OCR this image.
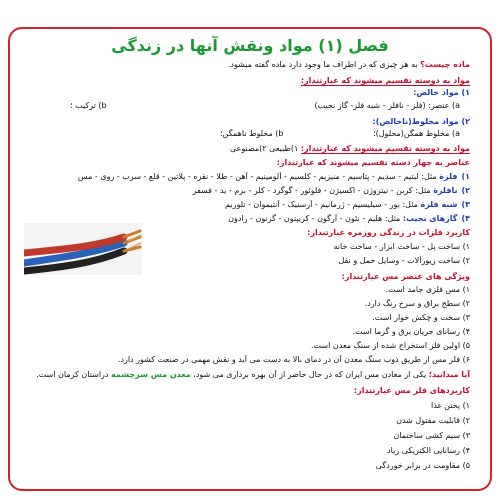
فصل (۱) مواد ونقش آنها در زندگی
ماده چیست؟ به هر چیزی که در اطراف ما وجود دارد ماده گفته میشود.
مواد به دوسته تقسیم میشوند که عبارتنداز:
۱) مواد خالص:
a) عنصر: (فلز - نافلز - شبه فلز- گاز نجیب)
b) ترکیب ؛
۲) مواد مخلوط(ناخالص):
a) مخلوط همگن(محلول)؛
b) مخلوط ناهمگن؛
مواد به دوسته تقسیم میشوند که عبارتنداز: ۱)طبیعی ۲)مصنوعی
عناصر به چهار دسته تقسیم میشوند که عبارتنداز:
۱)فلزة مثل: لیتیم - سدیم - پتاسیم - منیزیم - کلسیم - آلومینیم - آهن - طلا - نقره - پلاتین - قلع - سرب - روی - مس
۲)نافلزة مثل: کربن - نیتروژن - اکسیژن - فلوئور - گوگرد - کلر - برم - ید - فسفر
۳)شبه فلزة مثل: بور - سیلیسیم - ژرمانیم - آرسنیک - آنتیموان - تلوریم
۴)گازهای نجیب: مثل: هلیم - نئون - آرگون - کریپتون - گزنون - رادون
کاربرد فلزات در زندگی روزمره عبارتنداز:
۱) ساخت پل - ساخت ابزار - ساخت خانه
۲) ساخت زیورآلات - وسایل حمل و نقل
ویژگی های عنصر مس عبارتنداز:
۱) مس فلزی جامد است.
۲) سطح براق و سرخ رنگ دارد.
۳) سخت و چکش خوار است.
۴) رسانای جریان برق و گرما است.
۵) اولین فلز استخراج شده از سنگ معدن است.
۶) فلز مس از طریق ذوب سنگ معدن آن در دمای بالا به دست می آید و نقش مهمی در صنعت کشور دارد.
آیا میدانید؛ یکی از معادن مس ایران که در حال حاضر از آن بهره برداری می شود، معدن مس سرچشمه دراستان کرمان است.
کاربردهای فلز مس عبارتنداز:
۱) پختن غذا
۲) قابلیت مفتول شدن
۳) سیم کشی ساختمان
۴) رسانایی الکتریکی زیاد
۵) مقاومت در برابر خوردگی
